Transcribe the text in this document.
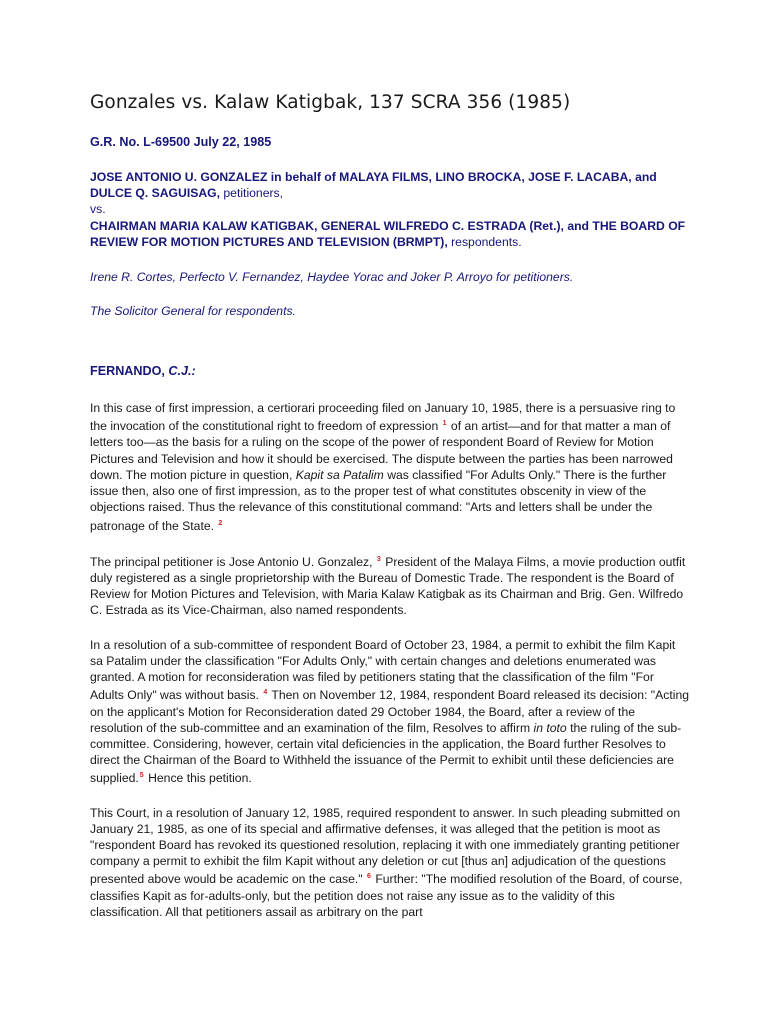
Gonzales vs. Kalaw Katigbak, 137 SCRA 356 (1985)
G.R. No. L-69500 July 22, 1985
JOSE ANTONIO U. GONZALEZ in behalf of MALAYA FILMS, LINO BROCKA, JOSE F. LACABA, and DULCE Q. SAGUISAG, petitioners,
vs.
CHAIRMAN MARIA KALAW KATIGBAK, GENERAL WILFREDO C. ESTRADA (Ret.), and THE BOARD OF REVIEW FOR MOTION PICTURES AND TELEVISION (BRMPT), respondents.
Irene R. Cortes, Perfecto V. Fernandez, Haydee Yorac and Joker P. Arroyo for petitioners.
The Solicitor General for respondents.
FERNANDO, C.J.:

In this case of first impression, a certiorari proceeding filed on January 10, 1985, there is a persuasive ring to the invocation of the constitutional right to freedom of expression $^1$ of an artist—and for that matter a man of letters too—as the basis for a ruling on the scope of the power of respondent Board of Review for Motion Pictures and Television and how it should be exercised. The dispute between the parties has been narrowed down. The motion picture in question, Kapit sa Patalim was classified "For Adults Only." There is the further issue then, also one of first impression, as to the proper test of what constitutes obscenity in view of the objections raised. Thus the relevance of this constitutional command: "Arts and letters shall be under the patronage of the State. $^2$

The principal petitioner is Jose Antonio U. Gonzalez, $^3$ President of the Malaya Films, a movie production outfit duly registered as a single proprietorship with the Bureau of Domestic Trade. The respondent is the Board of Review for Motion Pictures and Television, with Maria Kalaw Katigbak as its Chairman and Brig. Gen. Wilfredo C. Estrada as its Vice-Chairman, also named respondents.

In a resolution of a sub-committee of respondent Board of October 23, 1984, a permit to exhibit the film Kapit sa Patalim under the classification "For Adults Only," with certain changes and deletions enumerated was granted. A motion for reconsideration was filed by petitioners stating that the classification of the film "For Adults Only" was without basis. $^4$ Then on November 12, 1984, respondent Board released its decision: "Acting on the applicant's Motion for Reconsideration dated 29 October 1984, the Board, after a review of the resolution of the sub-committee and an examination of the film, Resolves to affirm in toto the ruling of the sub-committee. Considering, however, certain vital deficiencies in the application, the Board further Resolves to direct the Chairman of the Board to Withheld the issuance of the Permit to exhibit until these deficiencies are supplied.$^5$ Hence this petition.

This Court, in a resolution of January 12, 1985, required respondent to answer. In such pleading submitted on January 21, 1985, as one of its special and affirmative defenses, it was alleged that the petition is moot as "respondent Board has revoked its questioned resolution, replacing it with one immediately granting petitioner company a permit to exhibit the film Kapit without any deletion or cut [thus an] adjudication of the questions presented above would be academic on the case." $^6$ Further: "The modified resolution of the Board, of course, classifies Kapit as for-adults-only, but the petition does not raise any issue as to the validity of this classification. All that petitioners assail as arbitrary on the part
